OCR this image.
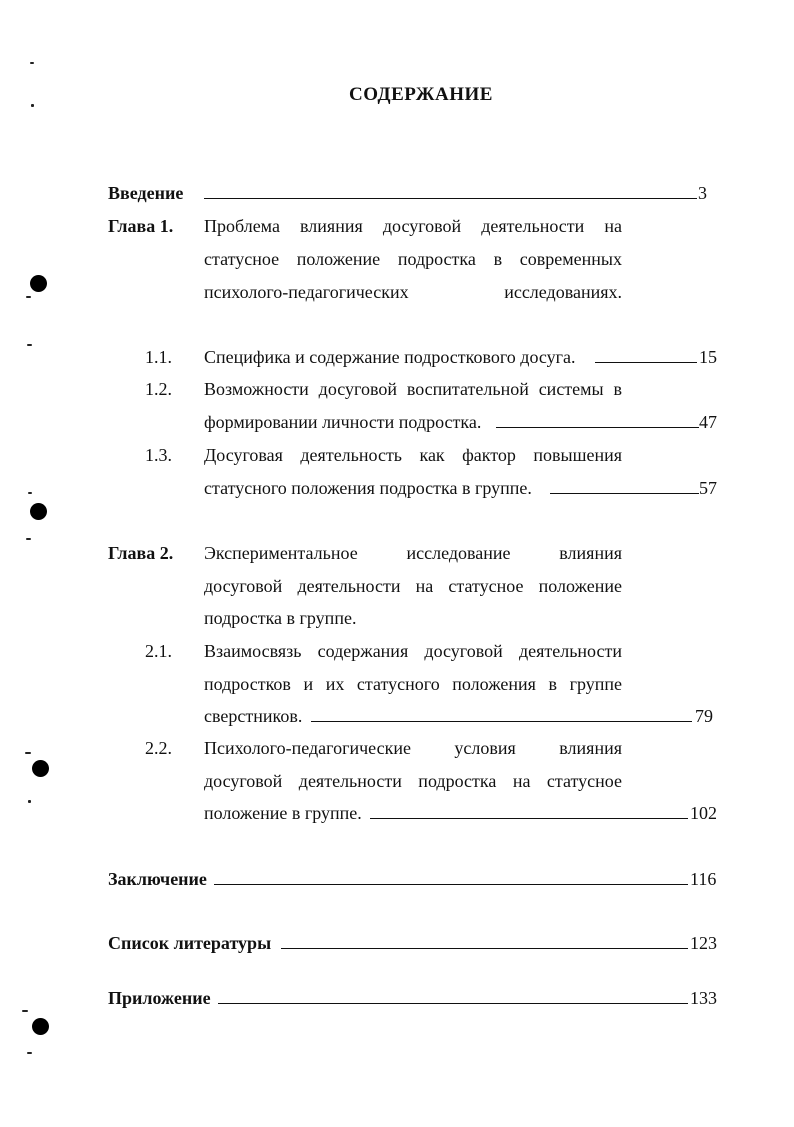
СОДЕРЖАНИЕ
Введение	3
Глава 1. Проблема влияния досуговой деятельности на
статусное положение подростка в современных
психолого-педагогических исследованиях.
1.1. Специфика и содержание подросткового досуга.	15
1.2. Возможности досуговой воспитательной системы в
формировании личности подростка.	47
1.3. Досуговая деятельность как фактор повышения
статусного положения подростка в группе.	57
Глава 2. Экспериментальное исследование влияния
досуговой деятельности на статусное положение
подростка в группе.
2.1. Взаимосвязь содержания досуговой деятельности
подростков и их статусного положения в группе
сверстников.	79
2.2. Психолого-педагогические условия влияния
досуговой деятельности подростка на статусное
положение в группе.	102
Заключение	116
Список литературы	123
Приложение	133
